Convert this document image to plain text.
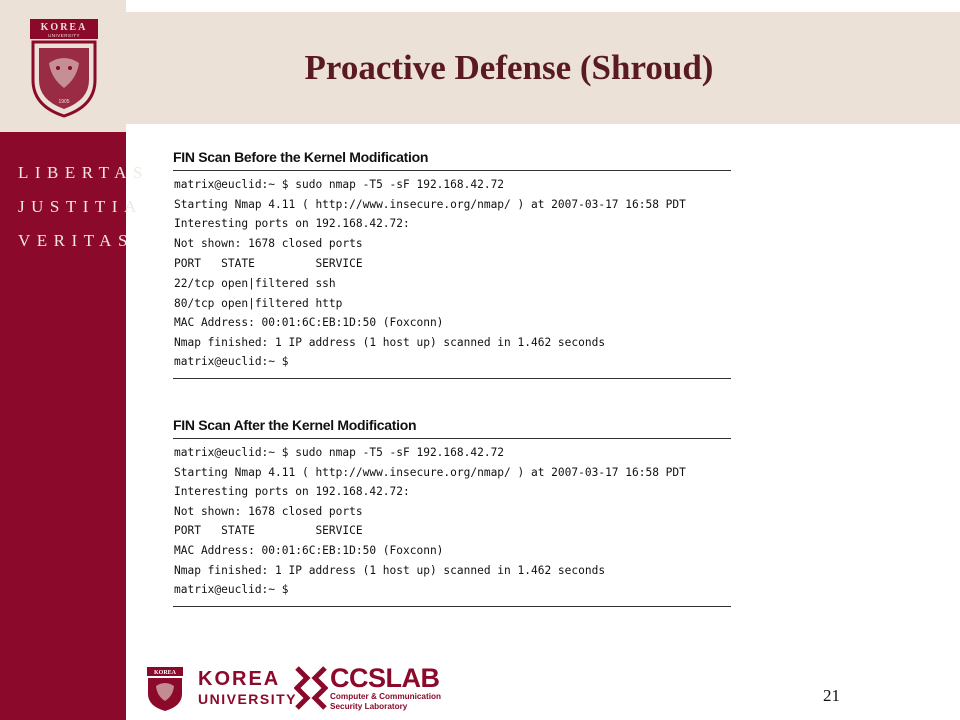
KOREA
UNIVERSITY
1905
LIBERTAS
JUSTITIA
VERITAS
Proactive Defense (Shroud)
FIN Scan Before the Kernel Modification
matrix@euclid:~ $ sudo nmap -T5 -sF 192.168.42.72
Starting Nmap 4.11 ( http://www.insecure.org/nmap/ ) at 2007-03-17 16:58 PDT
Interesting ports on 192.168.42.72:
Not shown: 1678 closed ports
PORT   STATE         SERVICE
22/tcp open|filtered ssh
80/tcp open|filtered http
MAC Address: 00:01:6C:EB:1D:50 (Foxconn)
Nmap finished: 1 IP address (1 host up) scanned in 1.462 seconds
matrix@euclid:~ $
FIN Scan After the Kernel Modification
matrix@euclid:~ $ sudo nmap -T5 -sF 192.168.42.72
Starting Nmap 4.11 ( http://www.insecure.org/nmap/ ) at 2007-03-17 16:58 PDT
Interesting ports on 192.168.42.72:
Not shown: 1678 closed ports
PORT   STATE         SERVICE
MAC Address: 00:01:6C:EB:1D:50 (Foxconn)
Nmap finished: 1 IP address (1 host up) scanned in 1.462 seconds
matrix@euclid:~ $
KOREA KOREA
UNIVERSITY
CCSLAB
Computer & Communication
Security Laboratory
21
